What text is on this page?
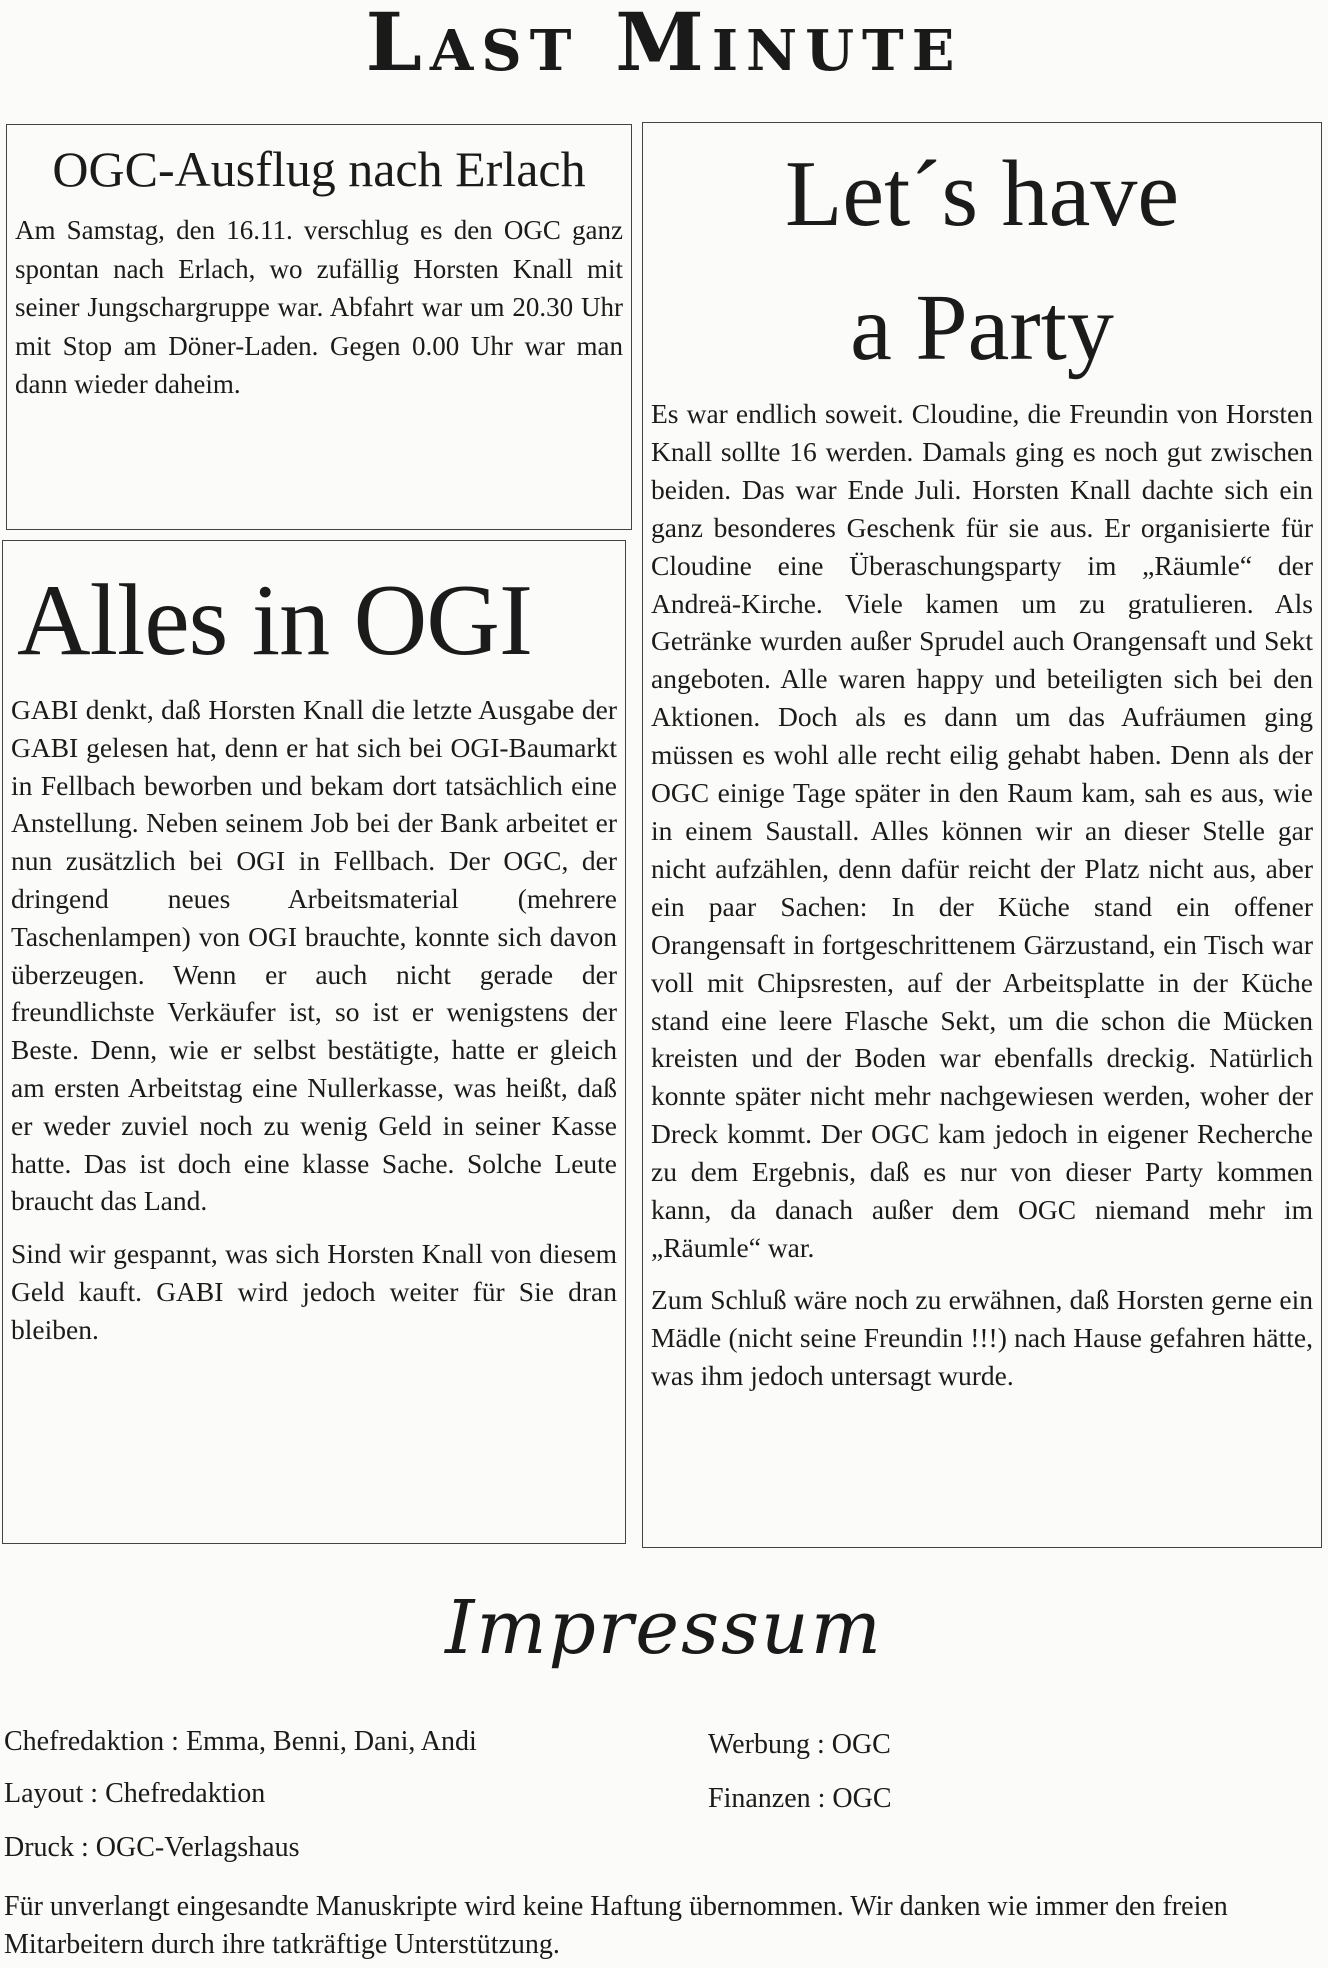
Last Minute
OGC-Ausflug nach Erlach

Am Samstag, den 16.11. verschlug es den OGC ganz spontan nach Erlach, wo zufällig Horsten Knall mit seiner Jungschargruppe war. Abfahrt war um 20.30 Uhr mit Stop am Döner-Laden. Gegen 0.00 Uhr war man dann wieder daheim.

Alles in OGI

GABI denkt, daß Horsten Knall die letzte Ausgabe der GABI gelesen hat, denn er hat sich bei OGI-Baumarkt in Fellbach beworben und bekam dort tatsächlich eine Anstellung. Neben seinem Job bei der Bank arbeitet er nun zusätzlich bei OGI in Fellbach. Der OGC, der dringend neues Arbeitsmaterial (mehrere Taschenlampen) von OGI brauchte, konnte sich davon überzeugen. Wenn er auch nicht gerade der freundlichste Verkäufer ist, so ist er wenigstens der Beste. Denn, wie er selbst bestätigte, hatte er gleich am ersten Arbeitstag eine Nullerkasse, was heißt, daß er weder zuviel noch zu wenig Geld in seiner Kasse hatte. Das ist doch eine klasse Sache. Solche Leute braucht das Land.

Sind wir gespannt, was sich Horsten Knall von diesem Geld kauft. GABI wird jedoch weiter für Sie dran bleiben.

Let´s have
a Party

Es war endlich soweit. Cloudine, die Freundin von Horsten Knall sollte 16 werden. Damals ging es noch gut zwischen beiden. Das war Ende Juli. Horsten Knall dachte sich ein ganz besonderes Geschenk für sie aus. Er organisierte für Cloudine eine Überaschungsparty im „Räumle“ der Andreä-Kirche. Viele kamen um zu gratulieren. Als Getränke wurden außer Sprudel auch Orangensaft und Sekt angeboten. Alle waren happy und beteiligten sich bei den Aktionen. Doch als es dann um das Aufräumen ging müssen es wohl alle recht eilig gehabt haben. Denn als der OGC einige Tage später in den Raum kam, sah es aus, wie in einem Saustall. Alles können wir an dieser Stelle gar nicht aufzählen, denn dafür reicht der Platz nicht aus, aber ein paar Sachen: In der Küche stand ein offener Orangensaft in fortgeschrittenem Gärzustand, ein Tisch war voll mit Chipsresten, auf der Arbeitsplatte in der Küche stand eine leere Flasche Sekt, um die schon die Mücken kreisten und der Boden war ebenfalls dreckig. Natürlich konnte später nicht mehr nachgewiesen werden, woher der Dreck kommt. Der OGC kam jedoch in eigener Recherche zu dem Ergebnis, daß es nur von dieser Party kommen kann, da danach außer dem OGC niemand mehr im „Räumle“ war.

Zum Schluß wäre noch zu erwähnen, daß Horsten gerne ein Mädle (nicht seine Freundin !!!) nach Hause gefahren hätte, was ihm jedoch untersagt wurde.

Impressum
Chefredaktion : Emma, Benni, Dani, Andi
Layout : Chefredaktion
Druck : OGC-Verlagshaus
Werbung : OGC
Finanzen : OGC

Für unverlangt eingesandte Manuskripte wird keine Haftung übernommen. Wir danken wie immer den freien Mitarbeitern durch ihre tatkräftige Unterstützung.
